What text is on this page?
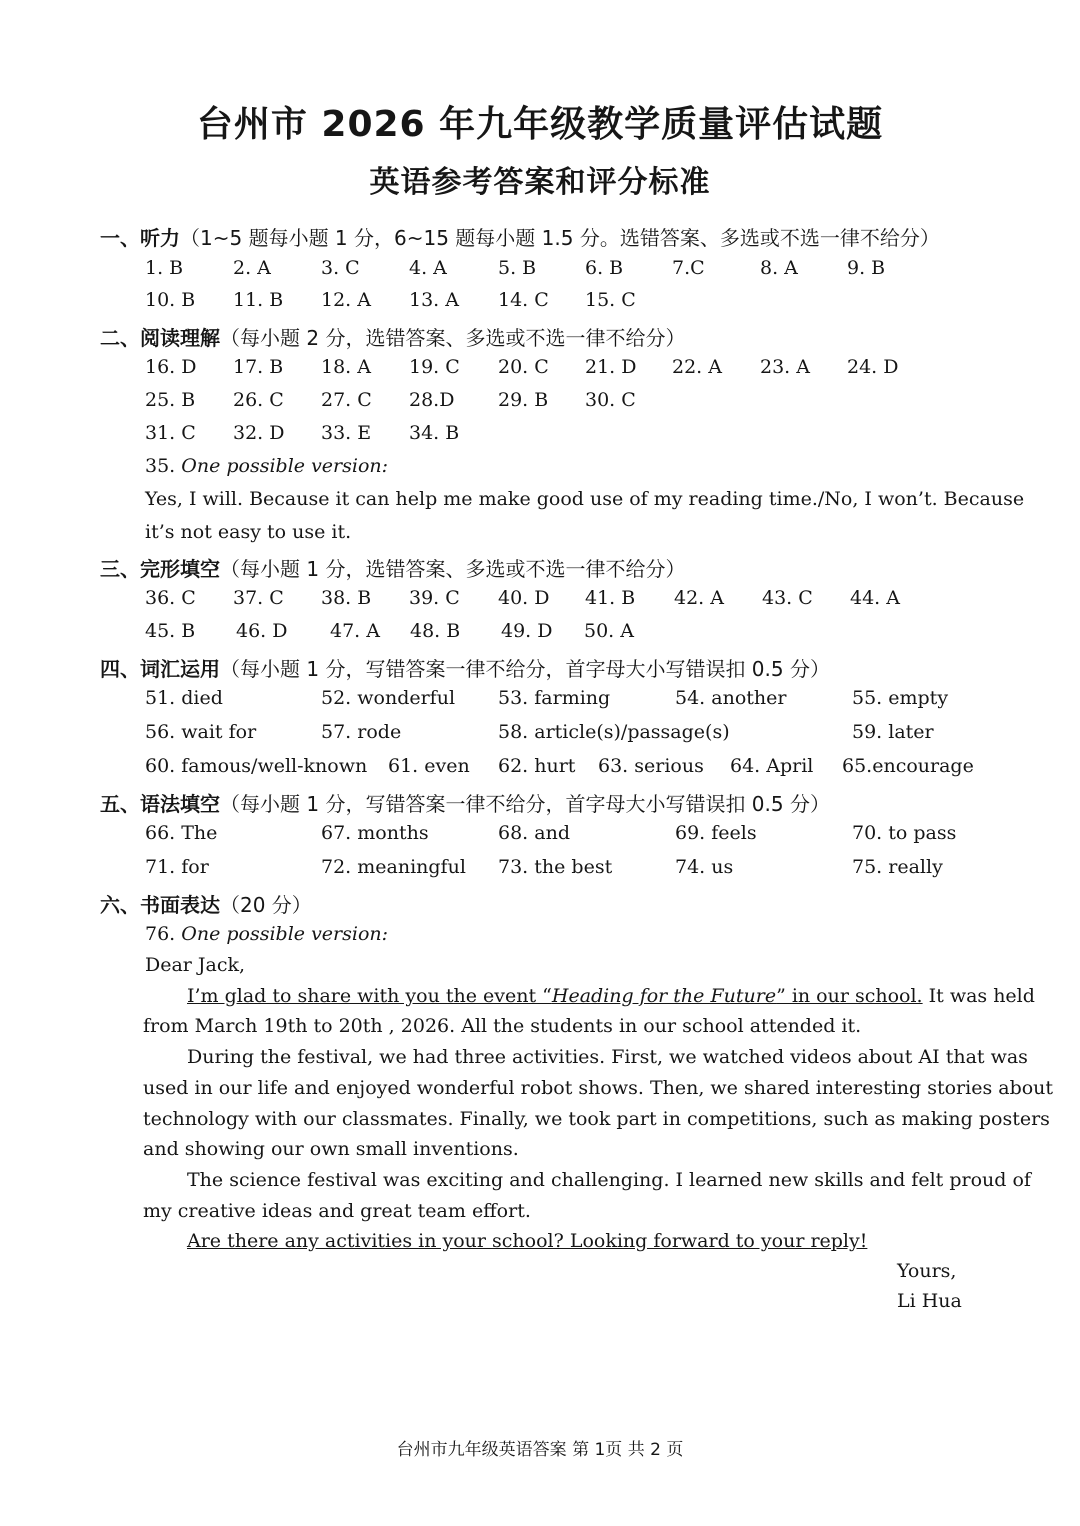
台州市 2026 年九年级教学质量评估试题
英语参考答案和评分标准
一、听力（1~5 题每小题 1 分，6~15 题每小题 1.5 分。选错答案、多选或不选一律不给分）
1. B	2. A	3. C	4. A	5. B	6. B	7.C	8. A	9. B
10. B 11. B 12. A 13. A 14. C 15. C
二、阅读理解（每小题 2 分，选错答案、多选或不选一律不给分）
16. D 17. B 18. A 19. C 20. C 21. D 22. A 23. A 24. D
25. B 26. C 27. C 28.D 29. B 30. C
31. C 32. D 33. E 34. B
35. One possible version:
Yes, I will. Because it can help me make good use of my reading time./No, I won’t. Because
it’s not easy to use it.
三、完形填空（每小题 1 分，选错答案、多选或不选一律不给分）
36. C 37. C 38. B 39. C 40. D 41. B 42. A 43. C 44. A
45. B 46. D 47. A 48. B 49. D 50. A
四、词汇运用（每小题 1 分，写错答案一律不给分，首字母大小写错误扣 0.5 分）
51. died	52. wonderful 53. farming	54. another	55. empty
56. wait for	57. rode	58. article(s)/passage(s)	59. later
60. famous/well-known 61. even 62. hurt 63. serious 64. April 65.encourage
五、语法填空（每小题 1 分，写错答案一律不给分，首字母大小写错误扣 0.5 分）
66. The	67. months	68. and	69. feels	70. to pass
71. for	72. meaningful 73. the best	74. us	75. really
六、书面表达（20 分）
76. One possible version:
Dear Jack,
I’m glad to share with you the event “Heading for the Future” in our school. It was held
from March 19th to 20th , 2026. All the students in our school attended it.
During the festival, we had three activities. First, we watched videos about AI that was
used in our life and enjoyed wonderful robot shows. Then, we shared interesting stories about
technology with our classmates. Finally, we took part in competitions, such as making posters
and showing our own small inventions.
The science festival was exciting and challenging. I learned new skills and felt proud of
my creative ideas and great team effort.
Are there any activities in your school? Looking forward to your reply!
Yours,
Li Hua
台州市九年级英语答案 第 1页 共 2 页
